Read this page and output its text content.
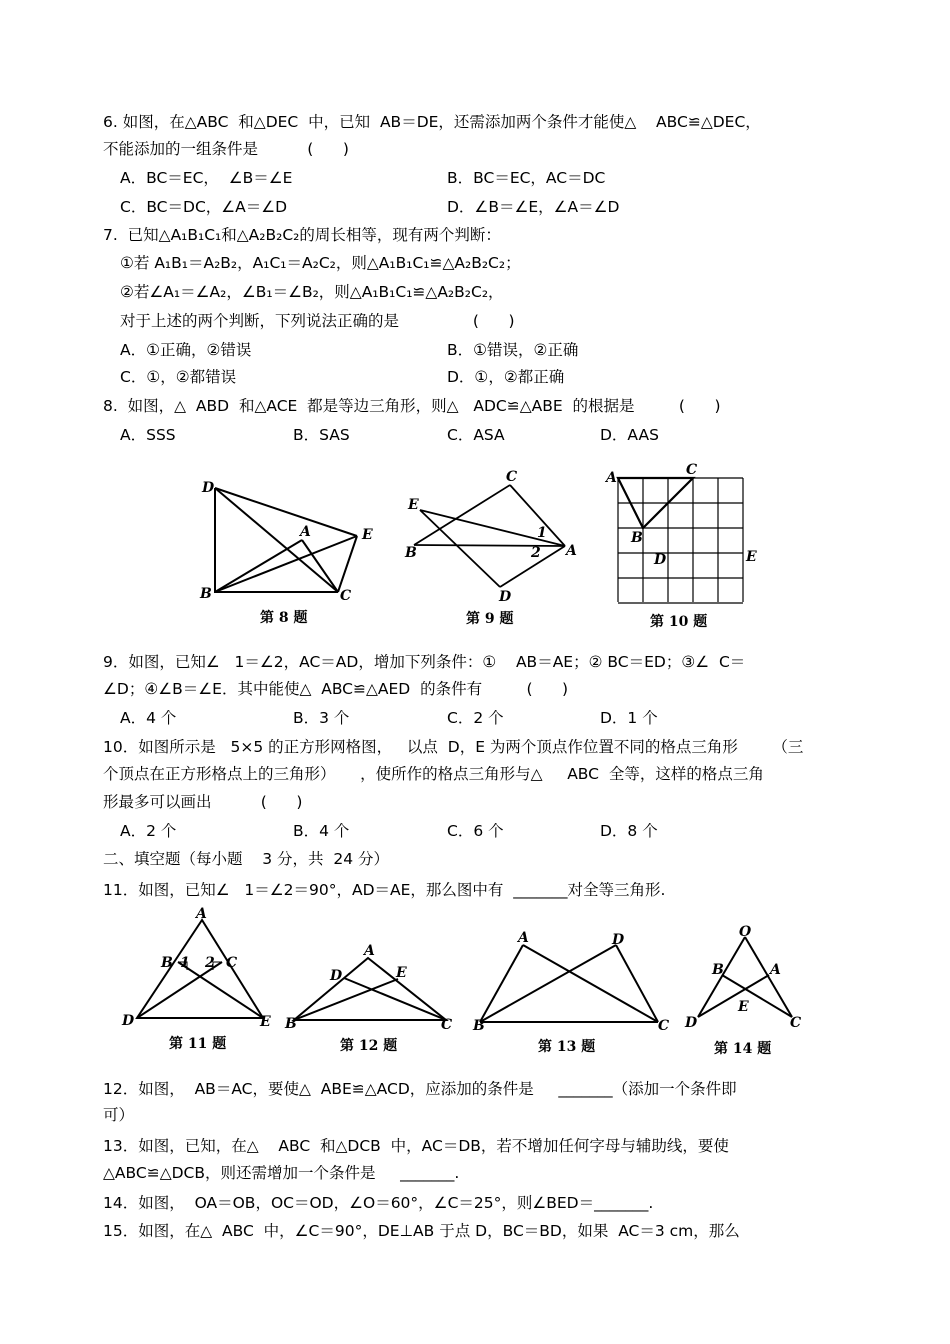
6. 如图，在△ABC  和△DEC  中，已知  AB＝DE，还需添加两个条件才能使△    ABC≌△DEC，
不能添加的一组条件是          (      )
A．BC＝EC，  ∠B＝∠E	B．BC＝EC，AC＝DC
C．BC＝DC，∠A＝∠D	D．∠B＝∠E，∠A＝∠D
7.  已知△A₁B₁C₁和△A₂B₂C₂的周长相等，现有两个判断：
①若 A₁B₁＝A₂B₂，A₁C₁＝A₂C₂，则△A₁B₁C₁≌△A₂B₂C₂；
②若∠A₁＝∠A₂，∠B₁＝∠B₂，则△A₁B₁C₁≌△A₂B₂C₂，
对于上述的两个判断，下列说法正确的是               (      )
A．①正确，②错误	B．①错误，②正确
C．①，②都错误	D．①，②都正确
8.  如图，△  ABD  和△ACE  都是等边三角形，则△   ADC≌△ABE  的根据是         (      )
A．SSS	B．SAS	C．ASA	D．AAS
D
B
A	E
C
第 8 题
E
B
C
A
D
1
2
第 9 题
A	C
B
D	E
第 10 题
9．如图，已知∠   1＝∠2，AC＝AD，增加下列条件：①    AB＝AE；② BC＝ED；③∠  C＝
∠D；④∠B＝∠E．其中能使△  ABC≌△AED  的条件有         (      )
A．4 个	B．3 个	C．2 个	D．1 个
10．如图所示是   5×5 的正方形网格图，   以点  D，E 为两个顶点作位置不同的格点三角形       （三
个顶点在正方形格点上的三角形）     ，使所作的格点三角形与△     ABC  全等，这样的格点三角
形最多可以画出          (      )
A．2 个	B．4 个	C．6 个	D．8 个
二、填空题（每小题    3 分，共  24 分）
11．如图，已知∠   1＝∠2＝90°，AD＝AE，那么图中有  _______对全等三角形.
A
B	C
1 2
D	E
第 11 题
A
D	E
B	C
第 12 题
A	D
B	C
第 13 题
O
B	A
E
D	C
第 14 题
12．如图，  AB＝AC，要使△  ABE≌△ACD，应添加的条件是     _______（添加一个条件即
可）
13．如图，已知，在△    ABC  和△DCB  中，AC＝DB，若不增加任何字母与辅助线，要使
△ABC≌△DCB，则还需增加一个条件是     _______.
14．如图，  OA＝OB，OC＝OD，∠O＝60°，∠C＝25°，则∠BED＝_______.
15．如图，在△  ABC  中，∠C＝90°，DE⊥AB 于点 D，BC＝BD，如果  AC＝3 cm，那么
